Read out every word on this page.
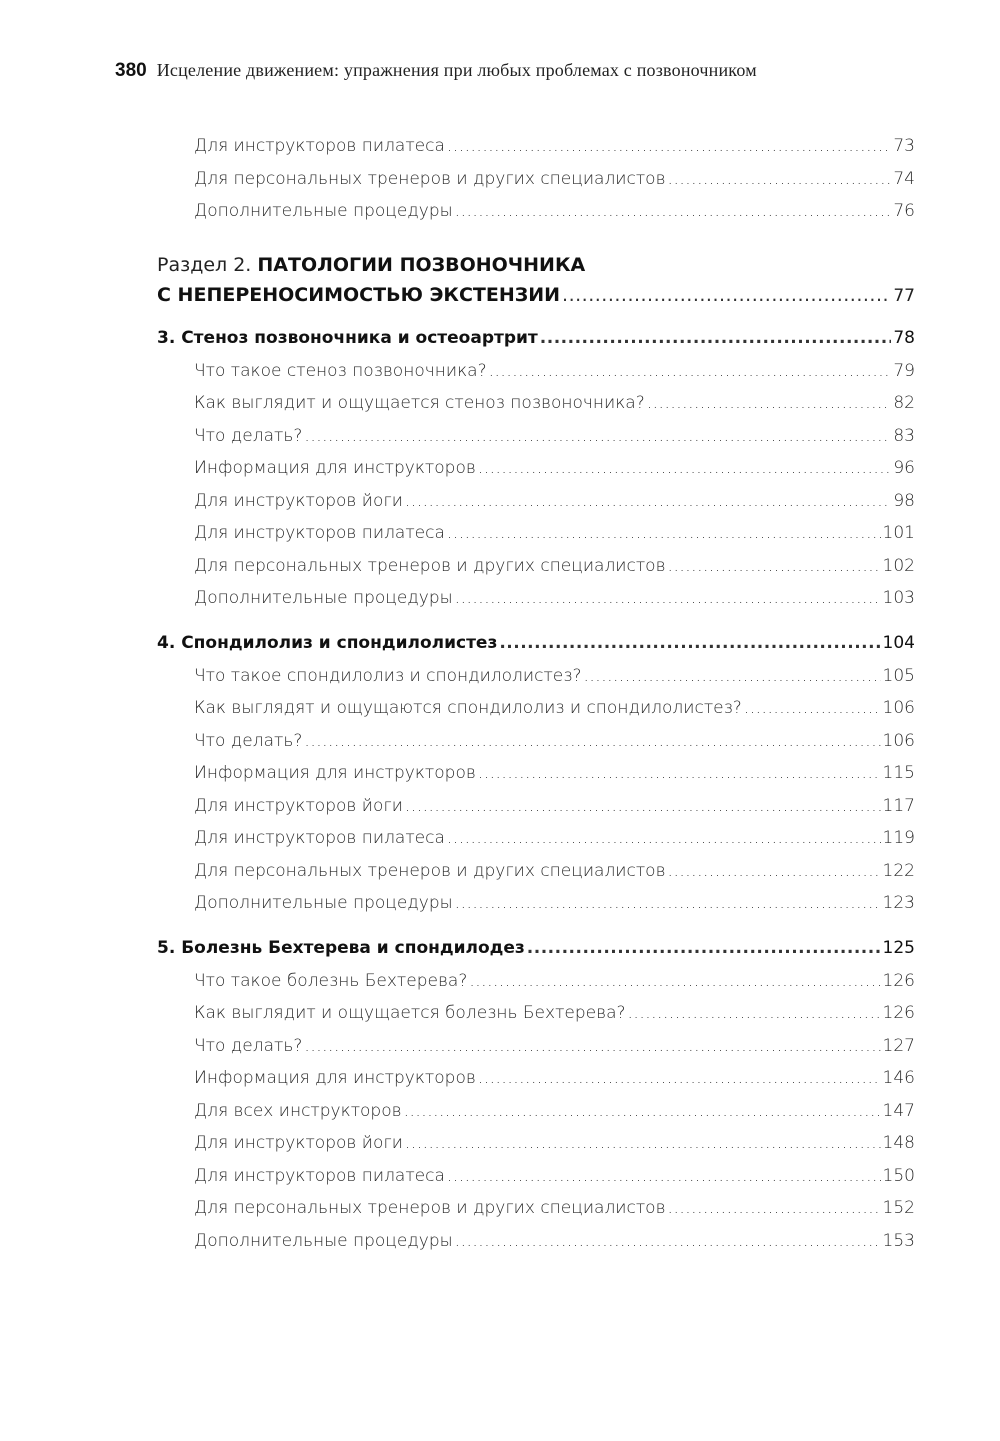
380 Исцеление движением: упражнения при любых проблемах с позвоночником
Для инструкторов пилатеса .....	73
Для персональных тренеров и других специалистов .....	74
Дополнительные процедуры .....	76
Раздел 2. ПАТОЛОГИИ ПОЗВОНОЧНИКА
С НЕПЕРЕНОСИМОСТЬЮ ЭКСТЕНЗИИ .....	77
3. Стеноз позвоночника и остеоартрит .....	78
Что такое стеноз позвоночника? .....	79
Как выглядит и ощущается стеноз позвоночника? .....	82
Что делать? .....	83
Информация для инструкторов .....	96
Для инструкторов йоги .....	98
Для инструкторов пилатеса .....	101
Для персональных тренеров и других специалистов .....	102
Дополнительные процедуры .....	103
4. Спондилолиз и спондилолистез .....	104
Что такое спондилолиз и спондилолистез? .....	105
Как выглядят и ощущаются спондилолиз и спондилолистез? .....	106
Что делать? .....	106
Информация для инструкторов .....	115
Для инструкторов йоги .....	117
Для инструкторов пилатеса .....	119
Для персональных тренеров и других специалистов .....	122
Дополнительные процедуры .....	123
5. Болезнь Бехтерева и спондилодез .....	125
Что такое болезнь Бехтерева? .....	126
Как выглядит и ощущается болезнь Бехтерева? .....	126
Что делать? .....	127
Информация для инструкторов .....	146
Для всех инструкторов .....	147
Для инструкторов йоги .....	148
Для инструкторов пилатеса .....	150
Для персональных тренеров и других специалистов .....	152
Дополнительные процедуры .....	153
